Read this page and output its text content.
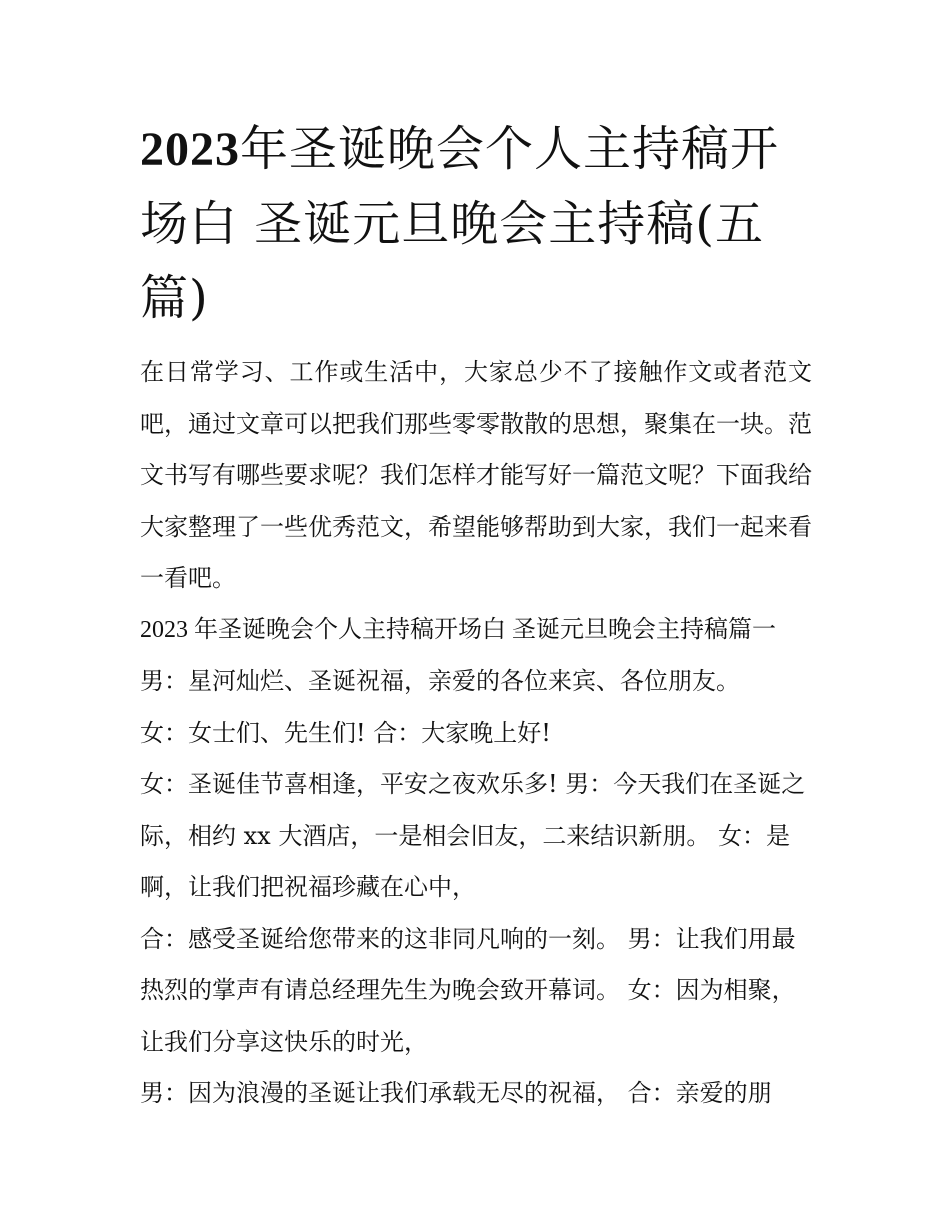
2023年圣诞晚会个人主持稿开场白 圣诞元旦晚会主持稿(五篇)

在日常学习、工作或生活中，大家总少不了接触作文或者范文吧，通过文章可以把我们那些零零散散的思想，聚集在一块。范文书写有哪些要求呢？我们怎样才能写好一篇范文呢？下面我给大家整理了一些优秀范文，希望能够帮助到大家，我们一起来看一看吧。

2023 年圣诞晚会个人主持稿开场白 圣诞元旦晚会主持稿篇一

男：星河灿烂、圣诞祝福，亲爱的各位来宾、各位朋友。

女：女士们、先生们! 合：大家晚上好!

女：圣诞佳节喜相逢，平安之夜欢乐多! 男：今天我们在圣诞之际，相约 xx 大酒店，一是相会旧友，二来结识新朋。 女：是啊，让我们把祝福珍藏在心中，

合：感受圣诞给您带来的这非同凡响的一刻。 男：让我们用最热烈的掌声有请总经理先生为晚会致开幕词。 女：因为相聚，让我们分享这快乐的时光，

男：因为浪漫的圣诞让我们承载无尽的祝福， 合：亲爱的朋
